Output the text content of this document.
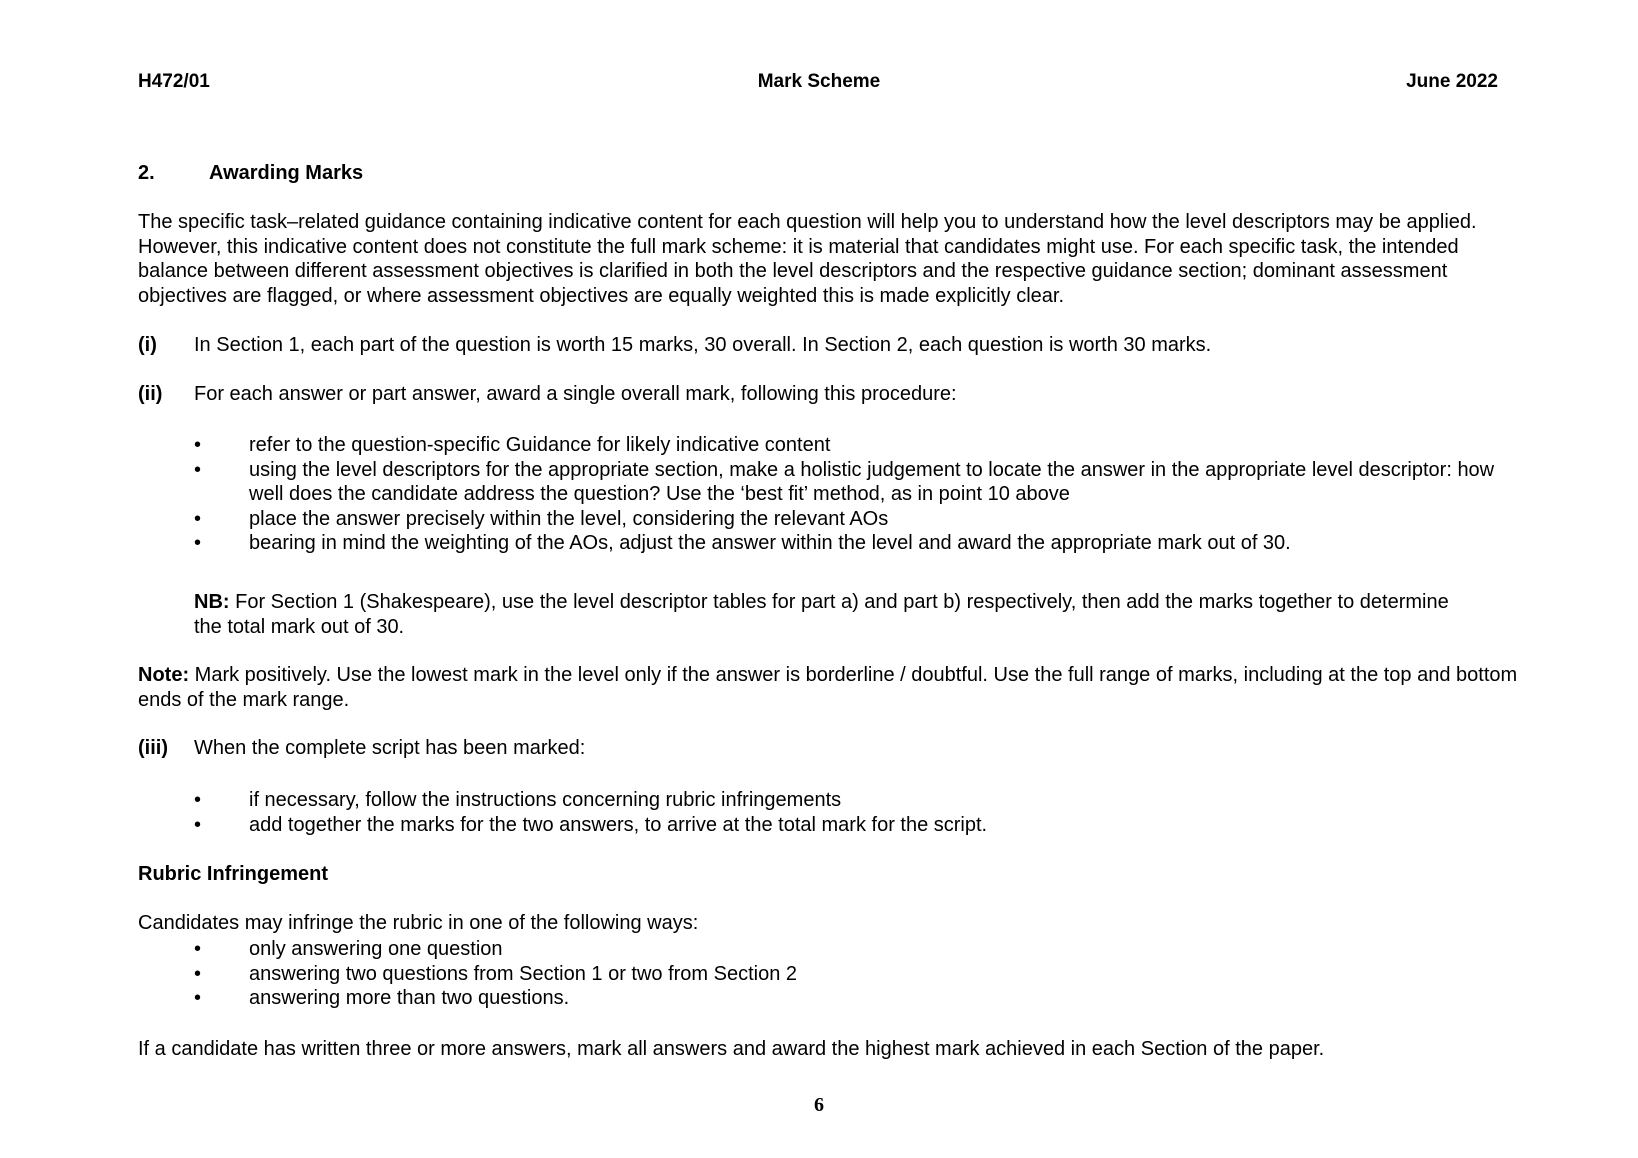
H472/01	Mark Scheme	June 2022
2.	Awarding Marks
The specific task–related guidance containing indicative content for each question will help you to understand how the level descriptors may be applied. However, this indicative content does not constitute the full mark scheme: it is material that candidates might use. For each specific task, the intended balance between different assessment objectives is clarified in both the level descriptors and the respective guidance section; dominant assessment objectives are flagged, or where assessment objectives are equally weighted this is made explicitly clear.
(i) In Section 1, each part of the question is worth 15 marks, 30 overall. In Section 2, each question is worth 30 marks.
(ii) For each answer or part answer, award a single overall mark, following this procedure:
• refer to the question-specific Guidance for likely indicative content
• using the level descriptors for the appropriate section, make a holistic judgement to locate the answer in the appropriate level descriptor: how well does the candidate address the question? Use the ‘best fit’ method, as in point 10 above
• place the answer precisely within the level, considering the relevant AOs
• bearing in mind the weighting of the AOs, adjust the answer within the level and award the appropriate mark out of 30.
NB: For Section 1 (Shakespeare), use the level descriptor tables for part a) and part b) respectively, then add the marks together to determine the total mark out of 30.
Note: Mark positively. Use the lowest mark in the level only if the answer is borderline / doubtful. Use the full range of marks, including at the top and bottom ends of the mark range.
(iii) When the complete script has been marked:
• if necessary, follow the instructions concerning rubric infringements
• add together the marks for the two answers, to arrive at the total mark for the script.
Rubric Infringement
Candidates may infringe the rubric in one of the following ways:
• only answering one question
• answering two questions from Section 1 or two from Section 2
• answering more than two questions.
If a candidate has written three or more answers, mark all answers and award the highest mark achieved in each Section of the paper.
6
